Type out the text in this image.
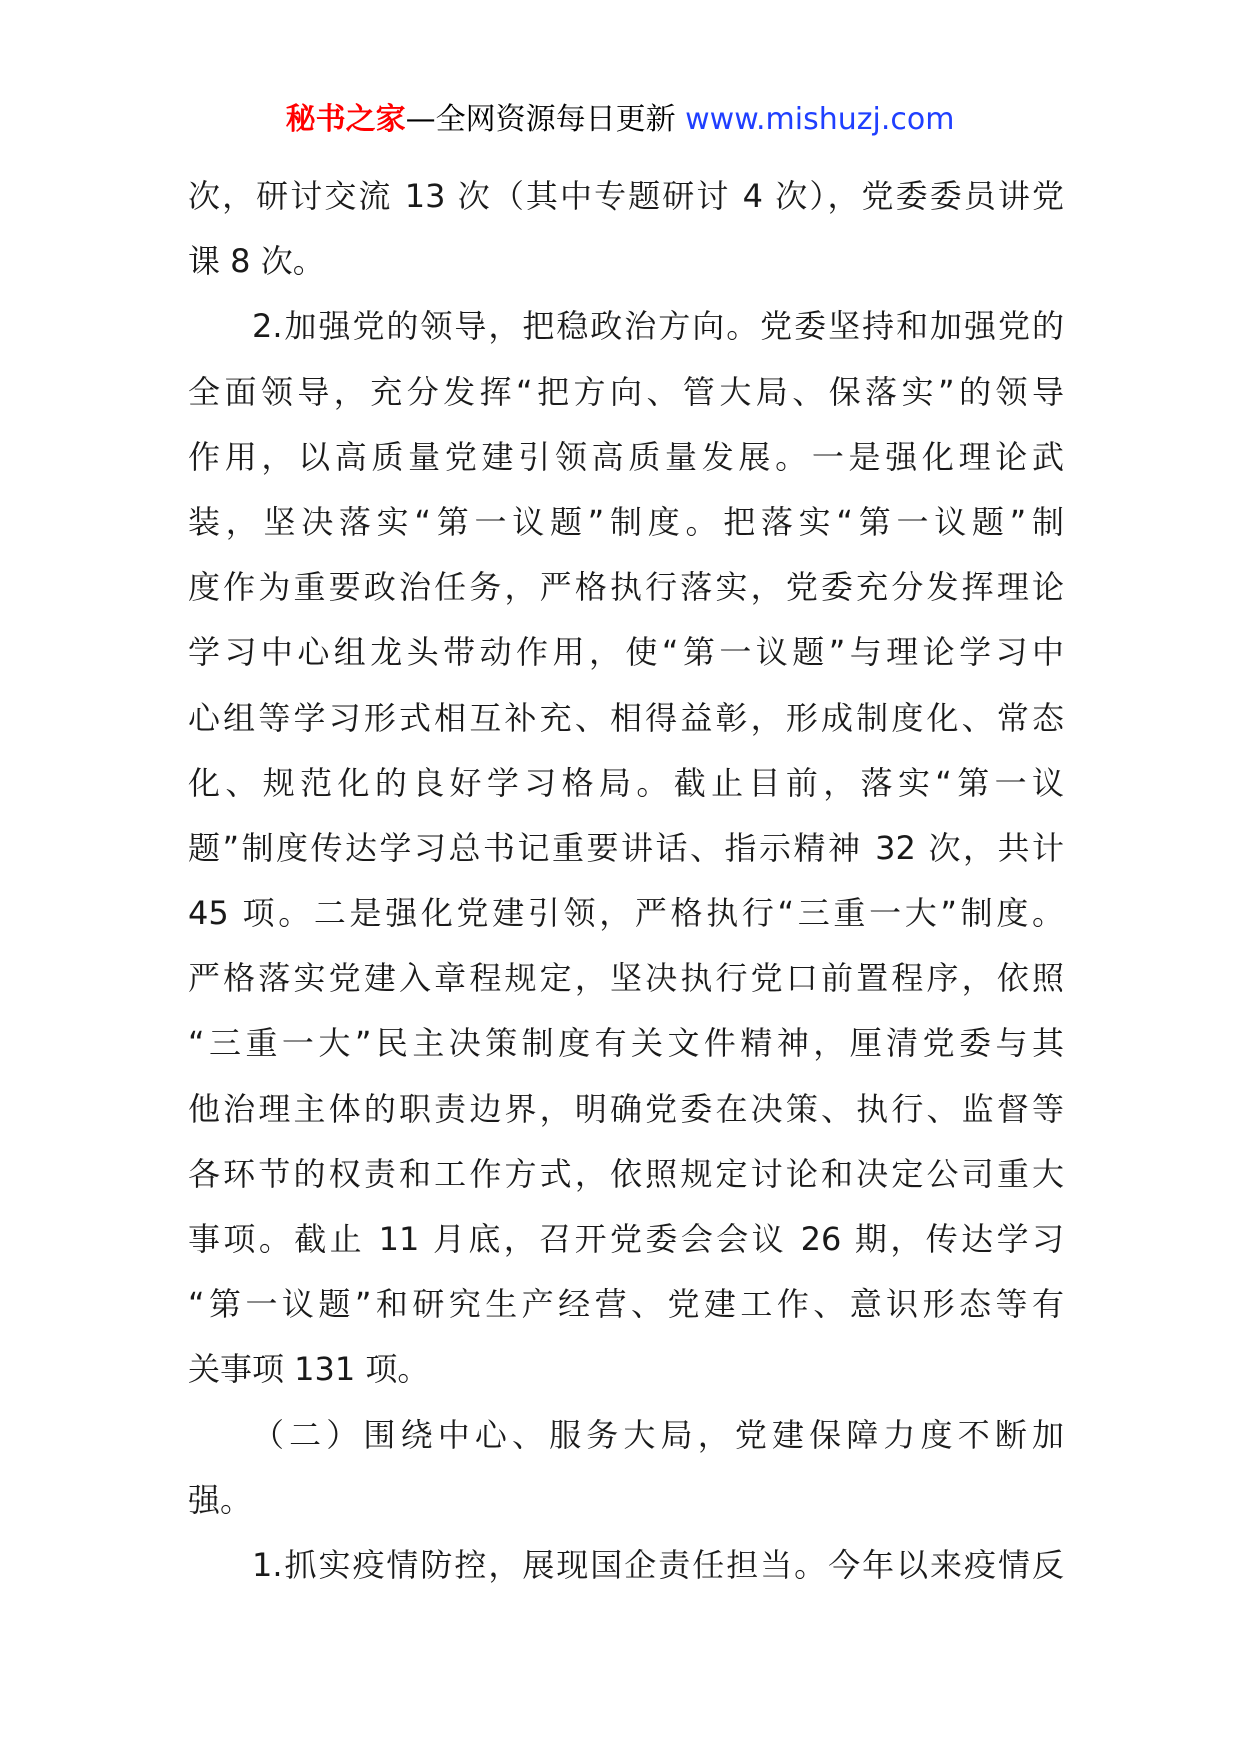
秘书之家—全网资源每日更新 www.mishuzj.com
次，研讨交流 13 次（其中专题研讨 4 次），党委委员讲党
课 8 次。
2.加强党的领导，把稳政治方向。党委坚持和加强党的
全面领导，充分发挥“把方向、管大局、保落实”的领导
作用，以高质量党建引领高质量发展。一是强化理论武
装，坚决落实“第一议题”制度。把落实“第一议题”制
度作为重要政治任务，严格执行落实，党委充分发挥理论
学习中心组龙头带动作用，使“第一议题”与理论学习中
心组等学习形式相互补充、相得益彰，形成制度化、常态
化、规范化的良好学习格局。截止目前，落实“第一议
题”制度传达学习总书记重要讲话、指示精神 32 次，共计
45 项。二是强化党建引领，严格执行“三重一大”制度。
严格落实党建入章程规定，坚决执行党口前置程序，依照
“三重一大”民主决策制度有关文件精神，厘清党委与其
他治理主体的职责边界，明确党委在决策、执行、监督等
各环节的权责和工作方式，依照规定讨论和决定公司重大
事项。截止 11 月底，召开党委会会议 26 期，传达学习
“第一议题”和研究生产经营、党建工作、意识形态等有
关事项 131 项。
（二）围绕中心、服务大局，党建保障力度不断加
强。
1.抓实疫情防控，展现国企责任担当。今年以来疫情反
